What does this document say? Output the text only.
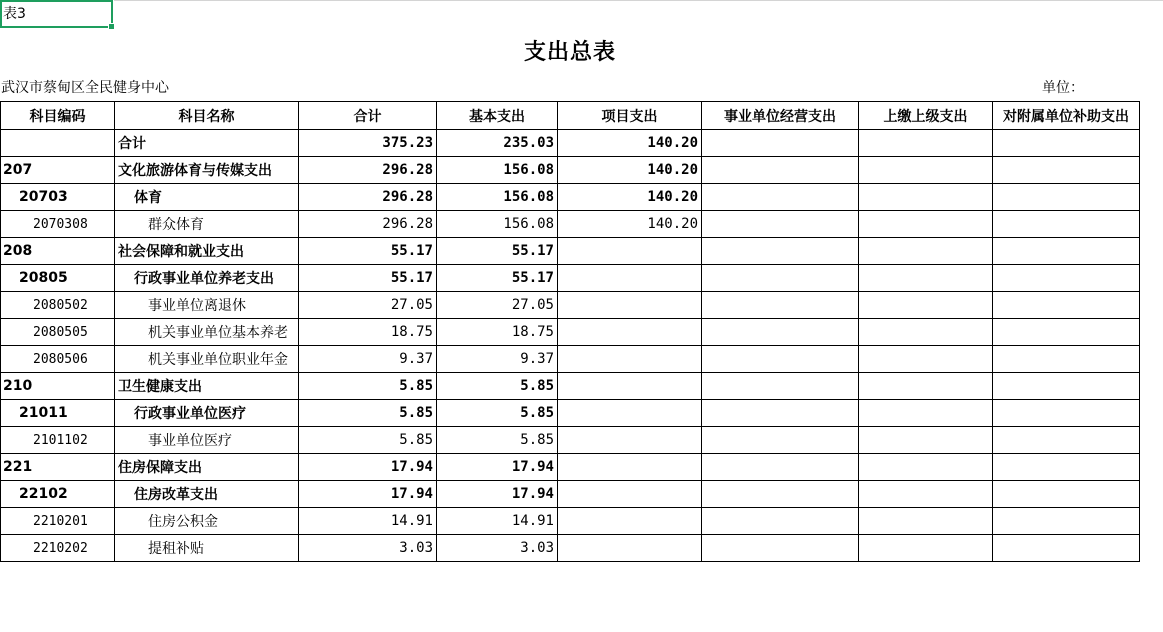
表3
支出总表
武汉市蔡甸区全民健身中心	单位：
科目编码	科目名称	合计	基本支出	项目支出	事业单位经营支出	上缴上级支出	对附属单位补助支出
	合计	375.23	235.03	140.20			
207	文化旅游体育与传媒支出	296.28	156.08	140.20			
20703	体育	296.28	156.08	140.20			
2070308	群众体育	296.28	156.08	140.20			
208	社会保障和就业支出	55.17	55.17				
20805	行政事业单位养老支出	55.17	55.17				
2080502	事业单位离退休	27.05	27.05				
2080505	机关事业单位基本养老	18.75	18.75				
2080506	机关事业单位职业年金	9.37	9.37				
210	卫生健康支出	5.85	5.85				
21011	行政事业单位医疗	5.85	5.85				
2101102	事业单位医疗	5.85	5.85				
221	住房保障支出	17.94	17.94				
22102	住房改革支出	17.94	17.94				
2210201	住房公积金	14.91	14.91				
2210202	提租补贴	3.03	3.03				
